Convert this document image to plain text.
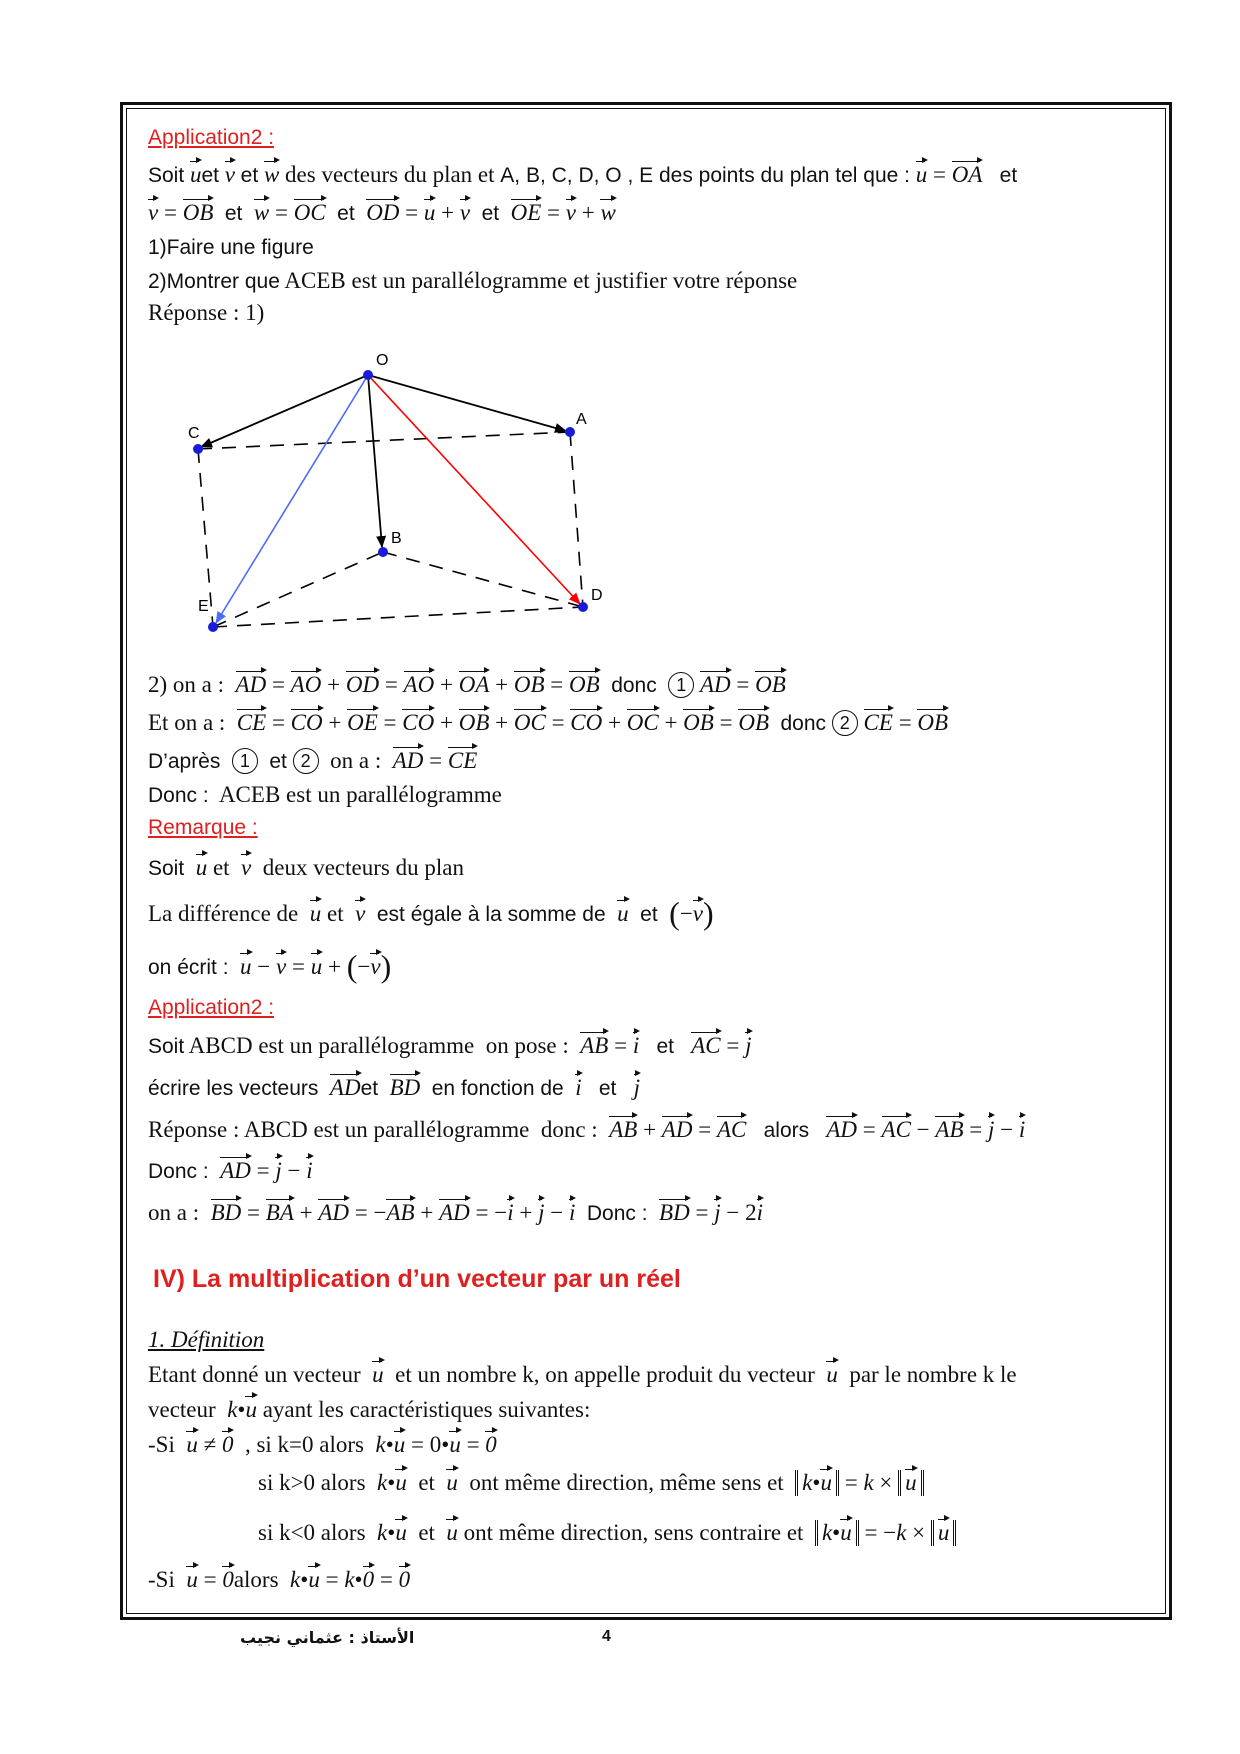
Application2 :
Soit uet v et w des vecteurs du plan et A, B, C, D, O , E des points du plan tel que : u = OA et
v = OB et w = OC et OD = u + v et OE = v + w
1)Faire une figure
2)Montrer que ACEB est un parallélogramme et justifier votre réponse
Réponse : 1)
O
A
B
C
D
E
2) on a : AD = AO + OD = AO + OA + OB = OB donc 1 AD = OB
Et on a : CE = CO + OE = CO + OB + OC = CO + OC + OB = OB donc 2 CE = OB
D’après 1 et 2 on a : AD = CE
Donc : ACEB est un parallélogramme
Remarque :
Soit u et v deux vecteurs du plan
La différence de u et v est égale à la somme de u et (−v)
on écrit : u − v = u + (−v)
Application2 :
Soit ABCD est un parallélogramme on pose : AB = i et AC = j
écrire les vecteurs ADet BD en fonction de i et j
Réponse : ABCD est un parallélogramme donc : AB + AD = AC alors AD = AC − AB = j − i
Donc : AD = j − i
on a : BD = BA + AD = −AB + AD = −i + j − i Donc : BD = j − 2i
IV) La multiplication d’un vecteur par un réel
1. Définition
Etant donné un vecteur u et un nombre k, on appelle produit du vecteur u par le nombre k le
vecteur k•u ayant les caractéristiques suivantes:
-Si u ≠ 0 , si k=0 alors k•u = 0•u = 0
si k>0 alors k•u et u ont même direction, même sens et k•u = k × u
si k<0 alors k•u et u ont même direction, sens contraire et k•u = −k × u
-Si u = 0alors k•u = k•0 = 0
الأستاذ : عثماني نجيب	4
